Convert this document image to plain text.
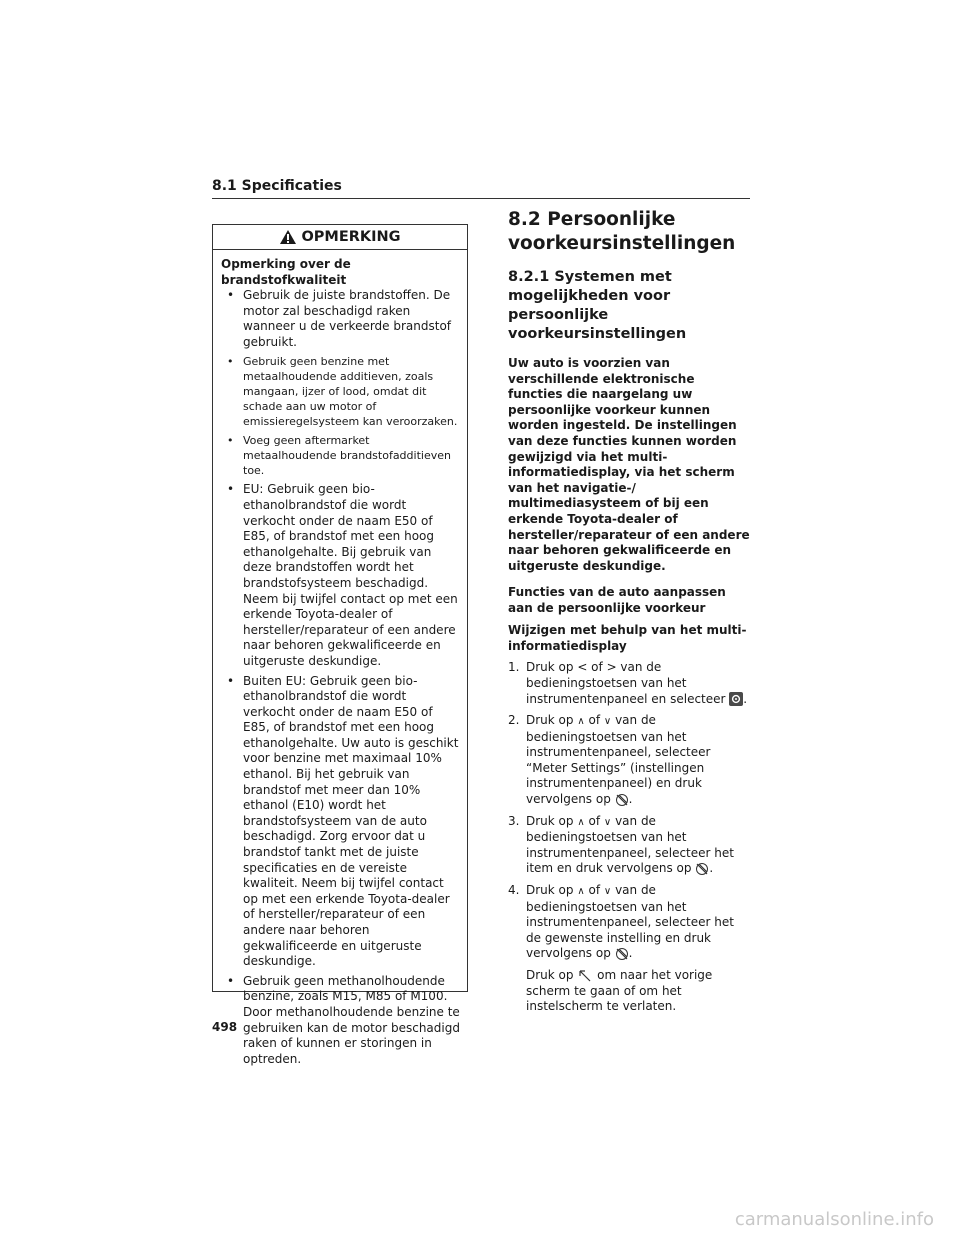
8.1 Specificaties
OPMERKING
Opmerking over de brandstofkwaliteit
• Gebruik de juiste brandstoffen. De motor zal beschadigd raken wanneer u de verkeerde brandstof gebruikt.
• Gebruik geen benzine met metaalhoudende additieven, zoals mangaan, ijzer of lood, omdat dit schade aan uw motor of emissieregelsysteem kan veroorzaken.
• Voeg geen aftermarket metaalhoudende brandstofadditieven toe.
• EU: Gebruik geen bio-ethanolbrandstof die wordt verkocht onder de naam E50 of E85, of brandstof met een hoog ethanolgehalte. Bij gebruik van deze brandstoffen wordt het brandstofsysteem beschadigd. Neem bij twijfel contact op met een erkende Toyota-dealer of hersteller/reparateur of een andere naar behoren gekwalificeerde en uitgeruste deskundige.
• Buiten EU: Gebruik geen bio-ethanolbrandstof die wordt verkocht onder de naam E50 of E85, of brandstof met een hoog ethanolgehalte. Uw auto is geschikt voor benzine met maximaal 10% ethanol. Bij het gebruik van brandstof met meer dan 10% ethanol (E10) wordt het brandstofsysteem van de auto beschadigd. Zorg ervoor dat u brandstof tankt met de juiste specificaties en de vereiste kwaliteit. Neem bij twijfel contact op met een erkende Toyota-dealer of hersteller/reparateur of een andere naar behoren gekwalificeerde en uitgeruste deskundige.
• Gebruik geen methanolhoudende benzine, zoals M15, M85 of M100. Door methanolhoudende benzine te gebruiken kan de motor beschadigd raken of kunnen er storingen in optreden.
8.2 Persoonlijke voorkeursinstellingen
8.2.1 Systemen met mogelijkheden voor persoonlijke voorkeursinstellingen
Uw auto is voorzien van verschillende elektronische functies die naargelang uw persoonlijke voorkeur kunnen worden ingesteld. De instellingen van deze functies kunnen worden gewijzigd via het multi-informatiedisplay, via het scherm van het navigatie-/ multimediasysteem of bij een erkende Toyota-dealer of hersteller/reparateur of een andere naar behoren gekwalificeerde en uitgeruste deskundige.
Functies van de auto aanpassen aan de persoonlijke voorkeur
Wijzigen met behulp van het multi-informatiedisplay
1. Druk op < of > van de bedieningstoetsen van het instrumentenpaneel en selecteer .
2. Druk op ∧ of ∨ van de bedieningstoetsen van het instrumentenpaneel, selecteer “Meter Settings” (instellingen instrumentenpaneel) en druk vervolgens op .
3. Druk op ∧ of ∨ van de bedieningstoetsen van het instrumentenpaneel, selecteer het item en druk vervolgens op .
4. Druk op ∧ of ∨ van de bedieningstoetsen van het instrumentenpaneel, selecteer het de gewenste instelling en druk vervolgens op .
Druk op om naar het vorige scherm te gaan of om het instelscherm te verlaten.
498
carmanualsonline.info
